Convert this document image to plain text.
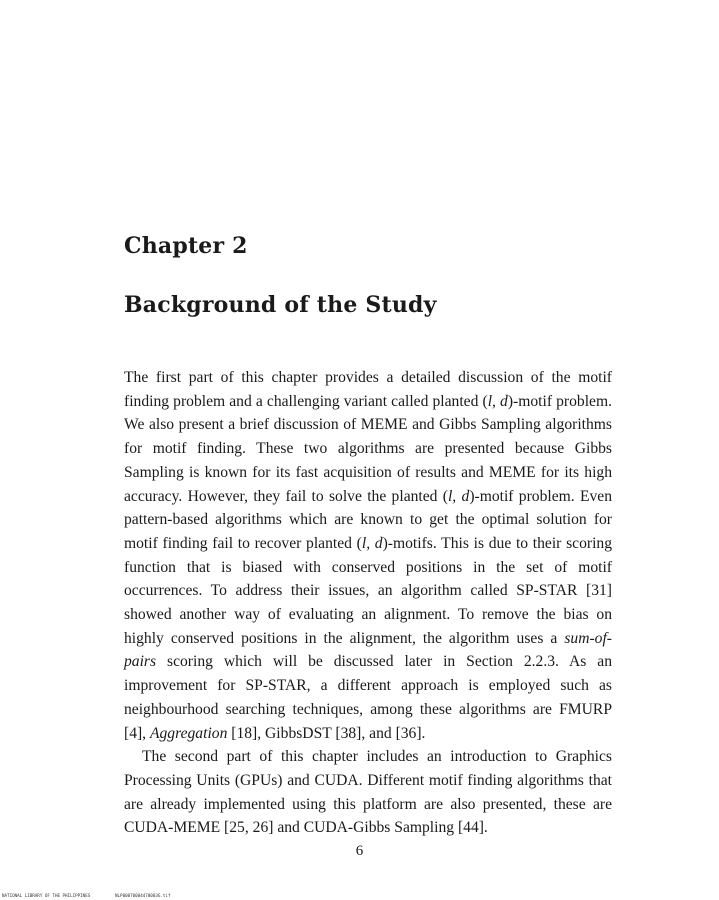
Chapter 2
Background of the Study

The first part of this chapter provides a detailed discussion of the motif finding problem and a challenging variant called planted (l, d)-motif problem. We also present a brief discussion of MEME and Gibbs Sampling algorithms for motif finding. These two algorithms are presented because Gibbs Sampling is known for its fast acquisition of results and MEME for its high accuracy. However, they fail to solve the planted (l, d)-motif problem. Even pattern-based algorithms which are known to get the optimal solution for motif finding fail to recover planted (l, d)-motifs. This is due to their scoring function that is biased with conserved positions in the set of motif occurrences. To address their issues, an algorithm called SP-STAR [31] showed another way of evaluating an alignment. To remove the bias on highly conserved positions in the alignment, the algorithm uses a sum-of-pairs scoring which will be discussed later in Section 2.2.3. As an improvement for SP-STAR, a different approach is employed such as neighbourhood searching techniques, among these algorithms are FMURP [4], Aggregation [18], GibbsDST [38], and [36].

The second part of this chapter includes an introduction to Graphics Processing Units (GPUs) and CUDA. Different motif finding algorithms that are already implemented using this platform are also presented, these are CUDA-MEME [25, 26] and CUDA-Gibbs Sampling [44].

6
NATIONAL LIBRARY OF THE PHILIPPINES	NLP00070004470003G.tif
